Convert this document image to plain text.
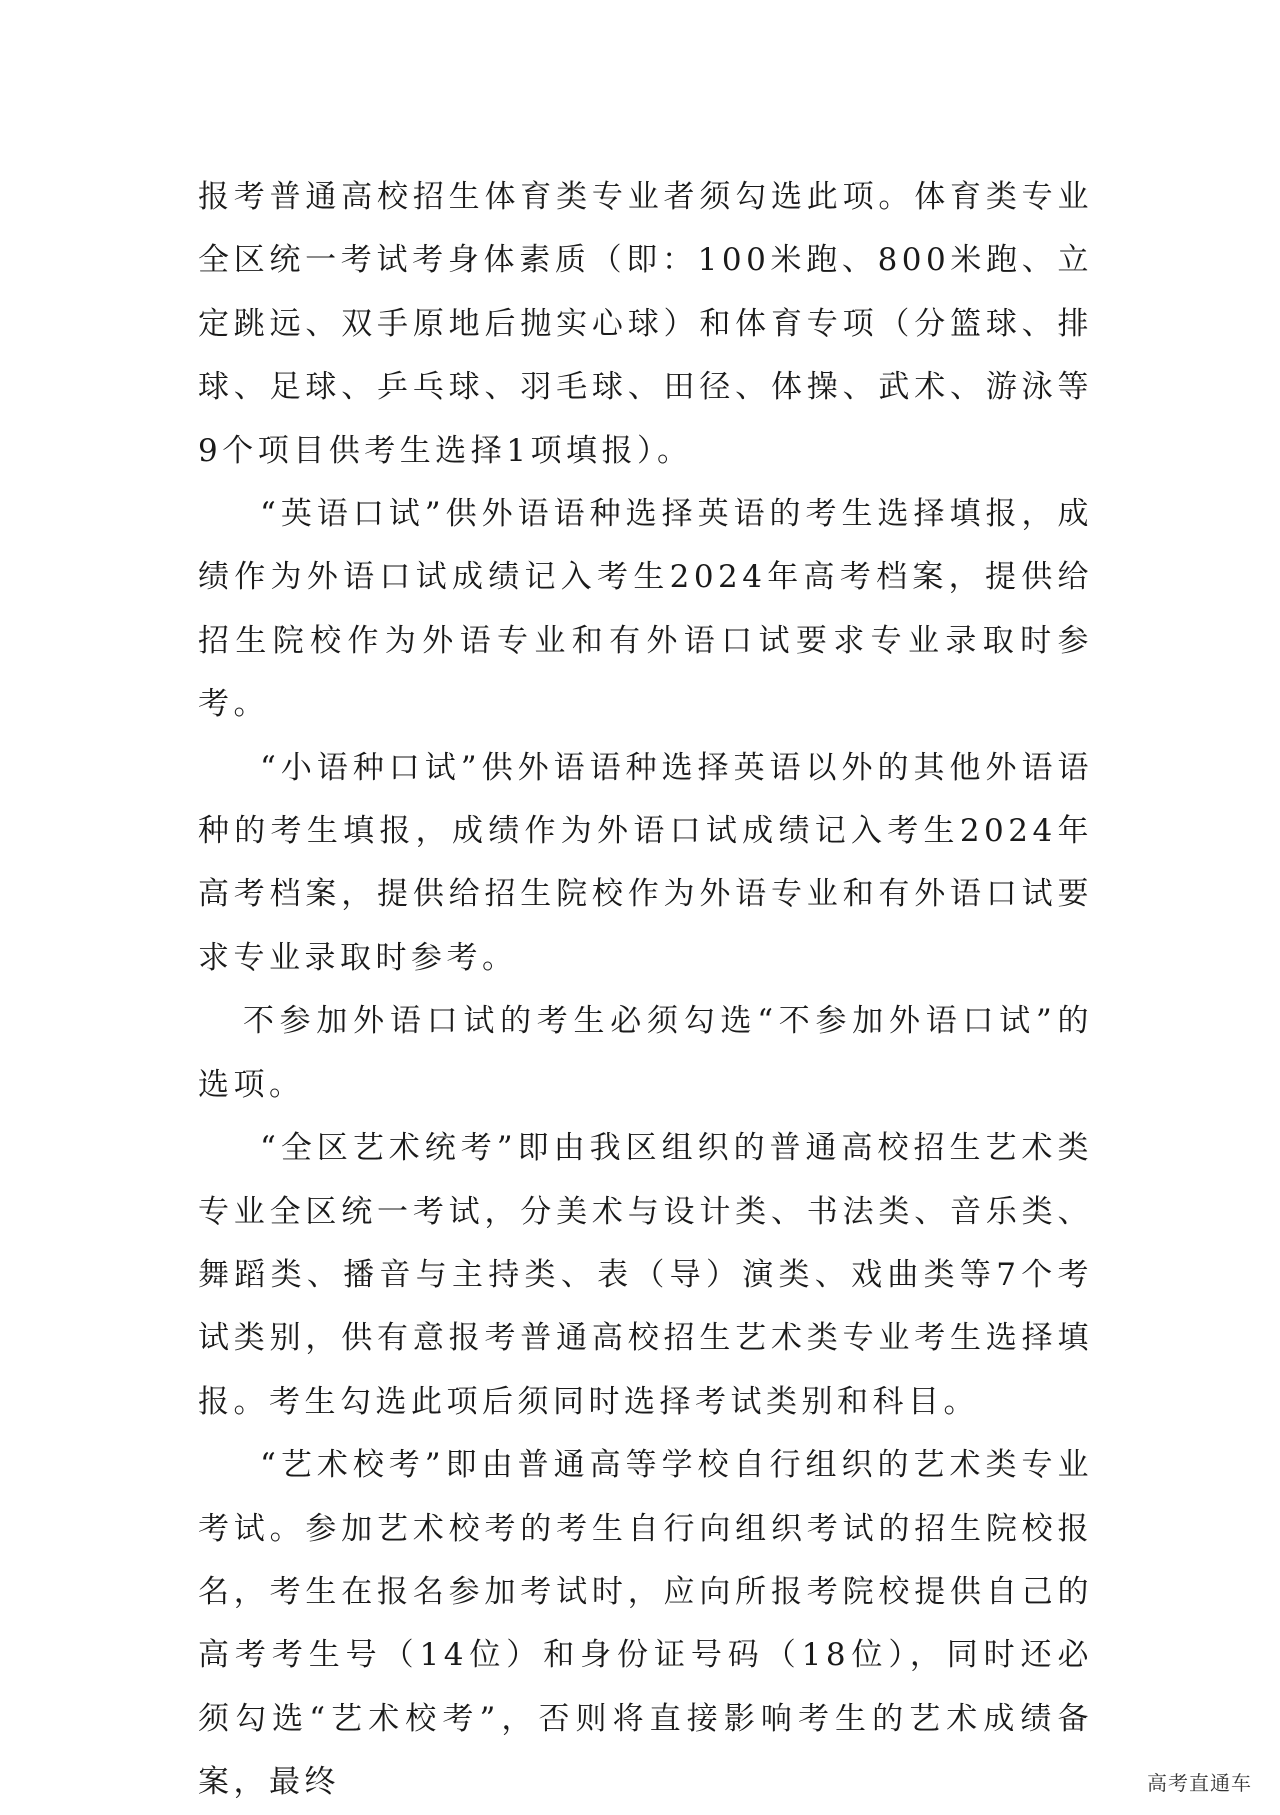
报考普通高校招生体育类专业者须勾选此项。体育类专业全区统一考试考身体素质（即：100米跑、800米跑、立定跳远、双手原地后抛实心球）和体育专项（分篮球、排球、足球、乒乓球、羽毛球、田径、体操、武术、游泳等9个项目供考生选择1项填报）。

“英语口试”供外语语种选择英语的考生选择填报，成绩作为外语口试成绩记入考生2024年高考档案，提供给招生院校作为外语专业和有外语口试要求专业录取时参考。

“小语种口试”供外语语种选择英语以外的其他外语语种的考生填报，成绩作为外语口试成绩记入考生2024年高考档案，提供给招生院校作为外语专业和有外语口试要求专业录取时参考。

不参加外语口试的考生必须勾选“不参加外语口试”的选项。

“全区艺术统考”即由我区组织的普通高校招生艺术类专业全区统一考试，分美术与设计类、书法类、音乐类、舞蹈类、播音与主持类、表（导）演类、戏曲类等7个考试类别，供有意报考普通高校招生艺术类专业考生选择填报。考生勾选此项后须同时选择考试类别和科目。

“艺术校考”即由普通高等学校自行组织的艺术类专业考试。参加艺术校考的考生自行向组织考试的招生院校报名，考生在报名参加考试时，应向所报考院校提供自己的高考考生号（14位）和身份证号码（18位），同时还必须勾选“艺术校考”，否则将直接影响考生的艺术成绩备案，最终	高考直通车
